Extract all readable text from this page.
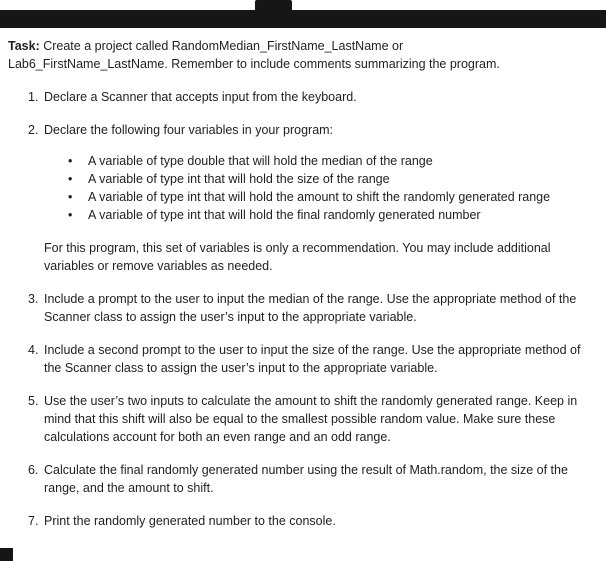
Task: Create a project called RandomMedian_FirstName_LastName or Lab6_FirstName_LastName. Remember to include comments summarizing the program.

1. Declare a Scanner that accepts input from the keyboard.
2. Declare the following four variables in your program:
•
A variable of type double that will hold the median of the range
•
A variable of type int that will hold the size of the range
•
A variable of type int that will hold the amount to shift the randomly generated range
•
A variable of type int that will hold the final randomly generated number

For this program, this set of variables is only a recommendation. You may include additional variables or remove variables as needed.

3. Include a prompt to the user to input the median of the range. Use the appropriate method of the Scanner class to assign the user’s input to the appropriate variable.
4. Include a second prompt to the user to input the size of the range. Use the appropriate method of the Scanner class to assign the user’s input to the appropriate variable.
5. Use the user’s two inputs to calculate the amount to shift the randomly generated range. Keep in mind that this shift will also be equal to the smallest possible random value. Make sure these calculations account for both an even range and an odd range.
6. Calculate the final randomly generated number using the result of Math.random, the size of the range, and the amount to shift.
7. Print the randomly generated number to the console.
